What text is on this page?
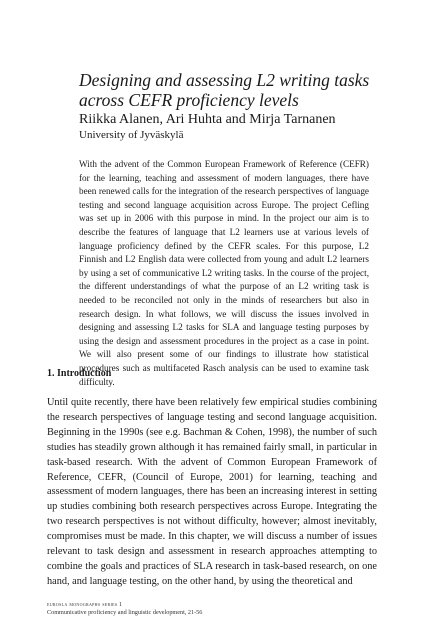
Designing and assessing L2 writing tasks across CEFR proficiency levels
Riikka Alanen, Ari Huhta and Mirja Tarnanen
University of Jyväskylä

With the advent of the Common European Framework of Reference (CEFR) for the learning, teaching and assessment of modern languages, there have been renewed calls for the integration of the research perspectives of language testing and second language acquisition across Europe. The project Cefling was set up in 2006 with this purpose in mind. In the project our aim is to describe the features of language that L2 learners use at various levels of language proficiency defined by the CEFR scales. For this purpose, L2 Finnish and L2 English data were collected from young and adult L2 learners by using a set of communicative L2 writing tasks. In the course of the project, the different understandings of what the purpose of an L2 writing task is needed to be reconciled not only in the minds of researchers but also in research design. In what follows, we will discuss the issues involved in designing and assessing L2 tasks for SLA and language testing purposes by using the design and assessment procedures in the project as a case in point. We will also present some of our findings to illustrate how statistical procedures such as multifaceted Rasch analysis can be used to examine task difficulty.

1. Introduction

Until quite recently, there have been relatively few empirical studies combining the research perspectives of language testing and second language acquisition. Beginning in the 1990s (see e.g. Bachman & Cohen, 1998), the number of such studies has steadily grown although it has remained fairly small, in particular in task-based research. With the advent of Common European Framework of Reference, CEFR, (Council of Europe, 2001) for learning, teaching and assessment of modern languages, there has been an increasing interest in setting up studies combining both research perspectives across Europe. Integrating the two research perspectives is not without difficulty, however; almost inevitably, compromises must be made. In this chapter, we will discuss a number of issues relevant to task design and assessment in research approaches attempting to combine the goals and practices of SLA research in task-based research, on one hand, and language testing, on the other hand, by using the theoretical and

eurosla monographs series 1
Communicative proficiency and linguistic development, 21-56
